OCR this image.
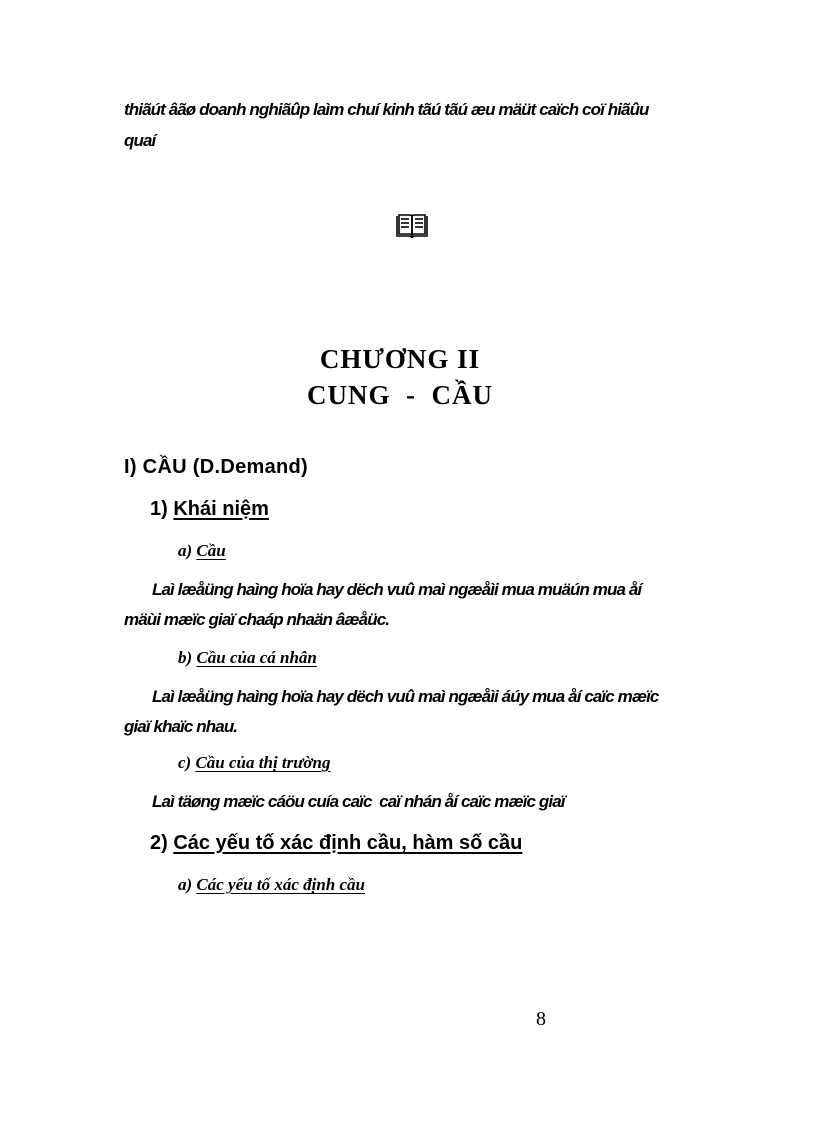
thiãút âãø doanh nghiãûp laìm chuí kinh tãú tãú æu mäüt caïch coï hiãûu
quaí
CHƯƠNG II
CUNG  -  CẦU
I) CẦU (D.Demand)
1) Khái niệm
a) Cầu
Laì læåüng haìng hoïa hay dëch vuû maì ngæåìi mua muäún mua åí
mäùi mæïc giaï chaáp nhaän âæåüc.
b) Cầu của cá nhân
Laì læåüng haìng hoïa hay dëch vuû maì ngæåìi áúy mua åí caïc mæïc
giaï khaïc nhau.
c) Cầu của thị trường
Laì täøng mæïc cáöu cuía caïc  caï nhán åí caïc mæïc giaï
2) Các yếu tố xác định cầu, hàm số cầu
a) Các yếu tố xác định cầu
8
